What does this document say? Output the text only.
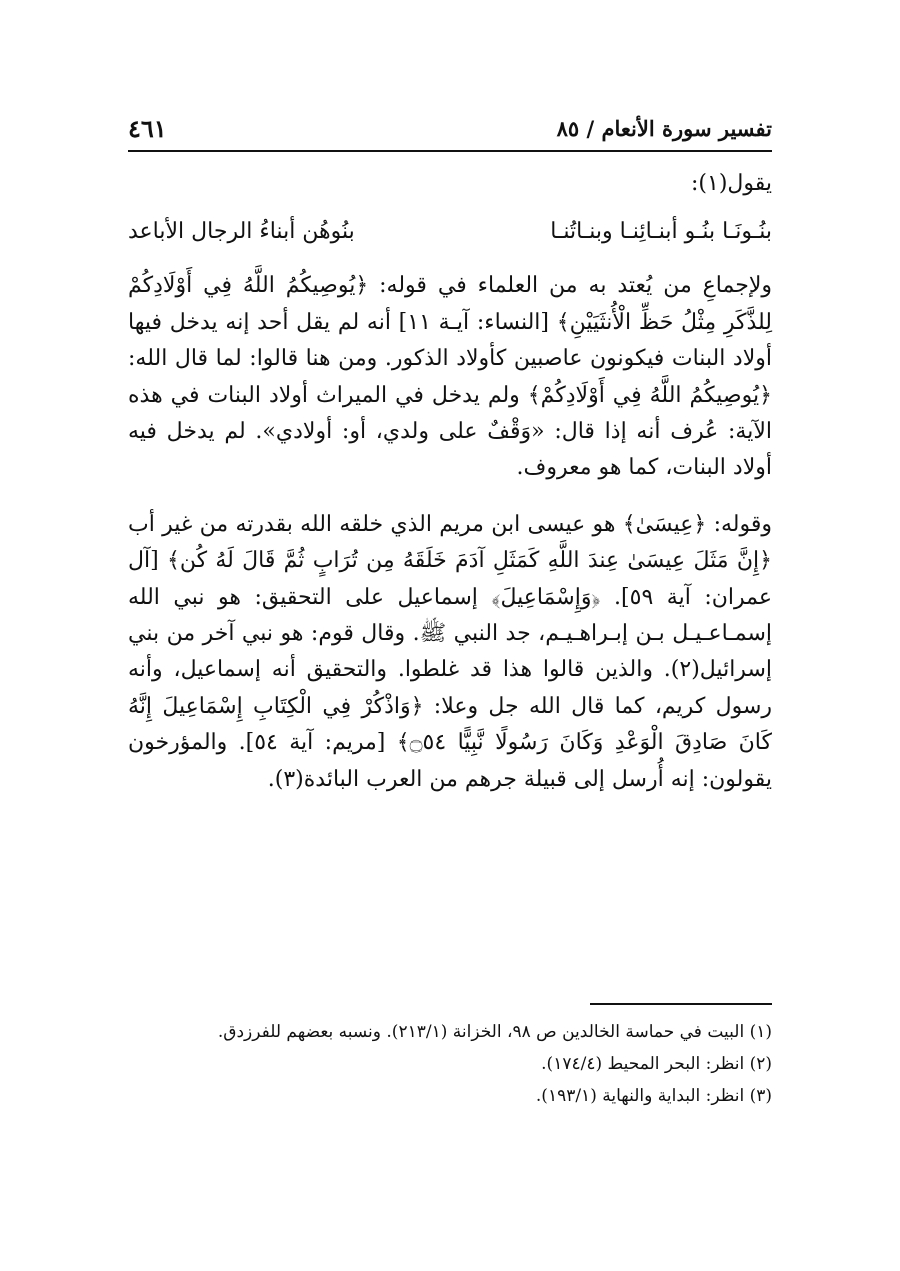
تفسير سورة الأنعام / ٨٥
٤٦١

يقول(١):

بنُـونَـا بنُـو أبنـائِنـا وبنـاتُنـا
بنُوهُن أبناءُ الرجال الأباعد

ولإجماعِ من يُعتد به من العلماء في قوله: ﴿يُوصِيكُمُ اللَّهُ فِي أَوْلَادِكُمْ لِلذَّكَرِ مِثْلُ حَظِّ الْأُنثَيَيْنِ﴾ [النساء: آيـة ١١] أنه لم يقل أحد إنه يدخل فيها أولاد البنات فيكونون عاصبين كأولاد الذكور. ومن هنا قالوا: لما قال الله: ﴿يُوصِيكُمُ اللَّهُ فِي أَوْلَادِكُمْ﴾ ولم يدخل في الميراث أولاد البنات في هذه الآية: عُرف أنه إذا قال: «وَقْفٌ على ولدي، أو: أولادي». لم يدخل فيه أولاد البنات، كما هو معروف.

وقوله: ﴿عِيسَىٰ﴾ هو عيسى ابن مريم الذي خلقه الله بقدرته من غير أب ﴿إِنَّ مَثَلَ عِيسَىٰ عِندَ اللَّهِ كَمَثَلِ آدَمَ خَلَقَهُ مِن تُرَابٍ ثُمَّ قَالَ لَهُ كُن﴾ [آل عمران: آية ٥٩]. ﴿وَإِسْمَاعِيلَ﴾ إسماعيل على التحقيق: هو نبي الله إسمـاعـيـل بـن إبـراهـيـم، جد النبي ﷺ. وقال قوم: هو نبي آخر من بني إسرائيل(٢). والذين قالوا هذا قد غلطوا. والتحقيق أنه إسماعيل، وأنه رسول كريم، كما قال الله جل وعلا: ﴿وَاذْكُرْ فِي الْكِتَابِ إِسْمَاعِيلَ إِنَّهُ كَانَ صَادِقَ الْوَعْدِ وَكَانَ رَسُولًا نَّبِيًّا ۝٥٤﴾ [مريم: آية ٥٤]. والمؤرخون يقولون: إنه أُرسل إلى قبيلة جرهم من العرب البائدة(٣).

(١) البيت في حماسة الخالدين ص ٩٨، الخزانة (٢١٣/١). ونسبه بعضهم للفرزدق.

(٢) انظر: البحر المحيط (١٧٤/٤).

(٣) انظر: البداية والنهاية (١٩٣/١).
